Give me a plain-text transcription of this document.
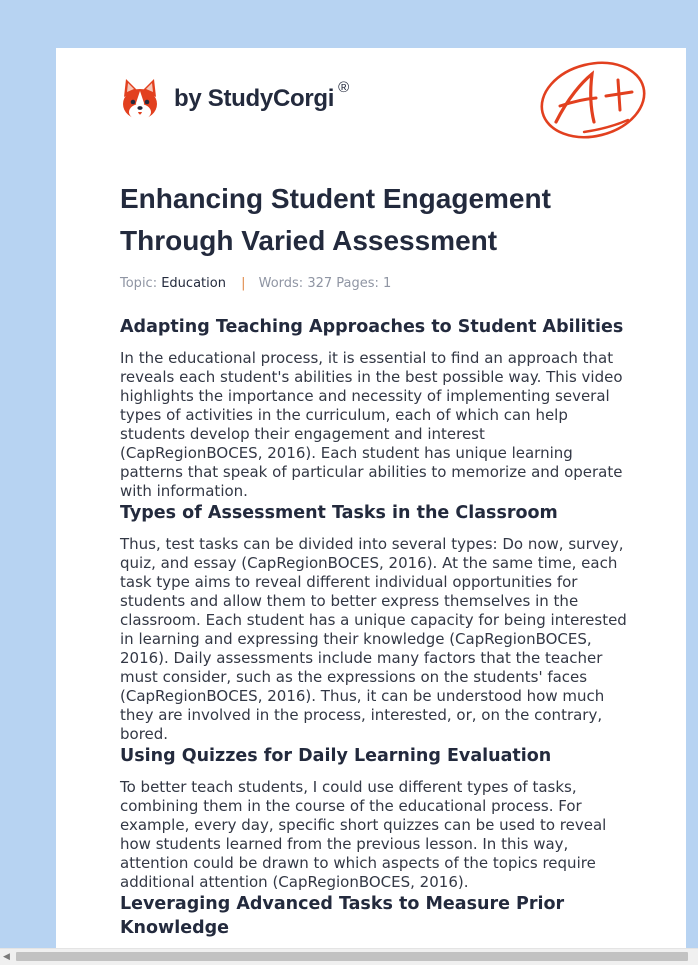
by StudyCorgi ®
Enhancing Student Engagement Through Varied Assessment
Topic: Education | Words: 327 Pages: 1
Adapting Teaching Approaches to Student Abilities

In the educational process, it is essential to find an approach that reveals each student's abilities in the best possible way. This video highlights the importance and necessity of implementing several types of activities in the curriculum, each of which can help students develop their engagement and interest (CapRegionBOCES, 2016). Each student has unique learning patterns that speak of particular abilities to memorize and operate with information.

Types of Assessment Tasks in the Classroom

Thus, test tasks can be divided into several types: Do now, survey, quiz, and essay (CapRegionBOCES, 2016). At the same time, each task type aims to reveal different individual opportunities for students and allow them to better express themselves in the classroom. Each student has a unique capacity for being interested in learning and expressing their knowledge (CapRegionBOCES, 2016). Daily assessments include many factors that the teacher must consider, such as the expressions on the students' faces (CapRegionBOCES, 2016). Thus, it can be understood how much they are involved in the process, interested, or, on the contrary, bored.

Using Quizzes for Daily Learning Evaluation

To better teach students, I could use different types of tasks, combining them in the course of the educational process. For example, every day, specific short quizzes can be used to reveal how students learned from the previous lesson. In this way, attention could be drawn to which aspects of the topics require additional attention (CapRegionBOCES, 2016).

Leveraging Advanced Tasks to Measure Prior Knowledge
◀
